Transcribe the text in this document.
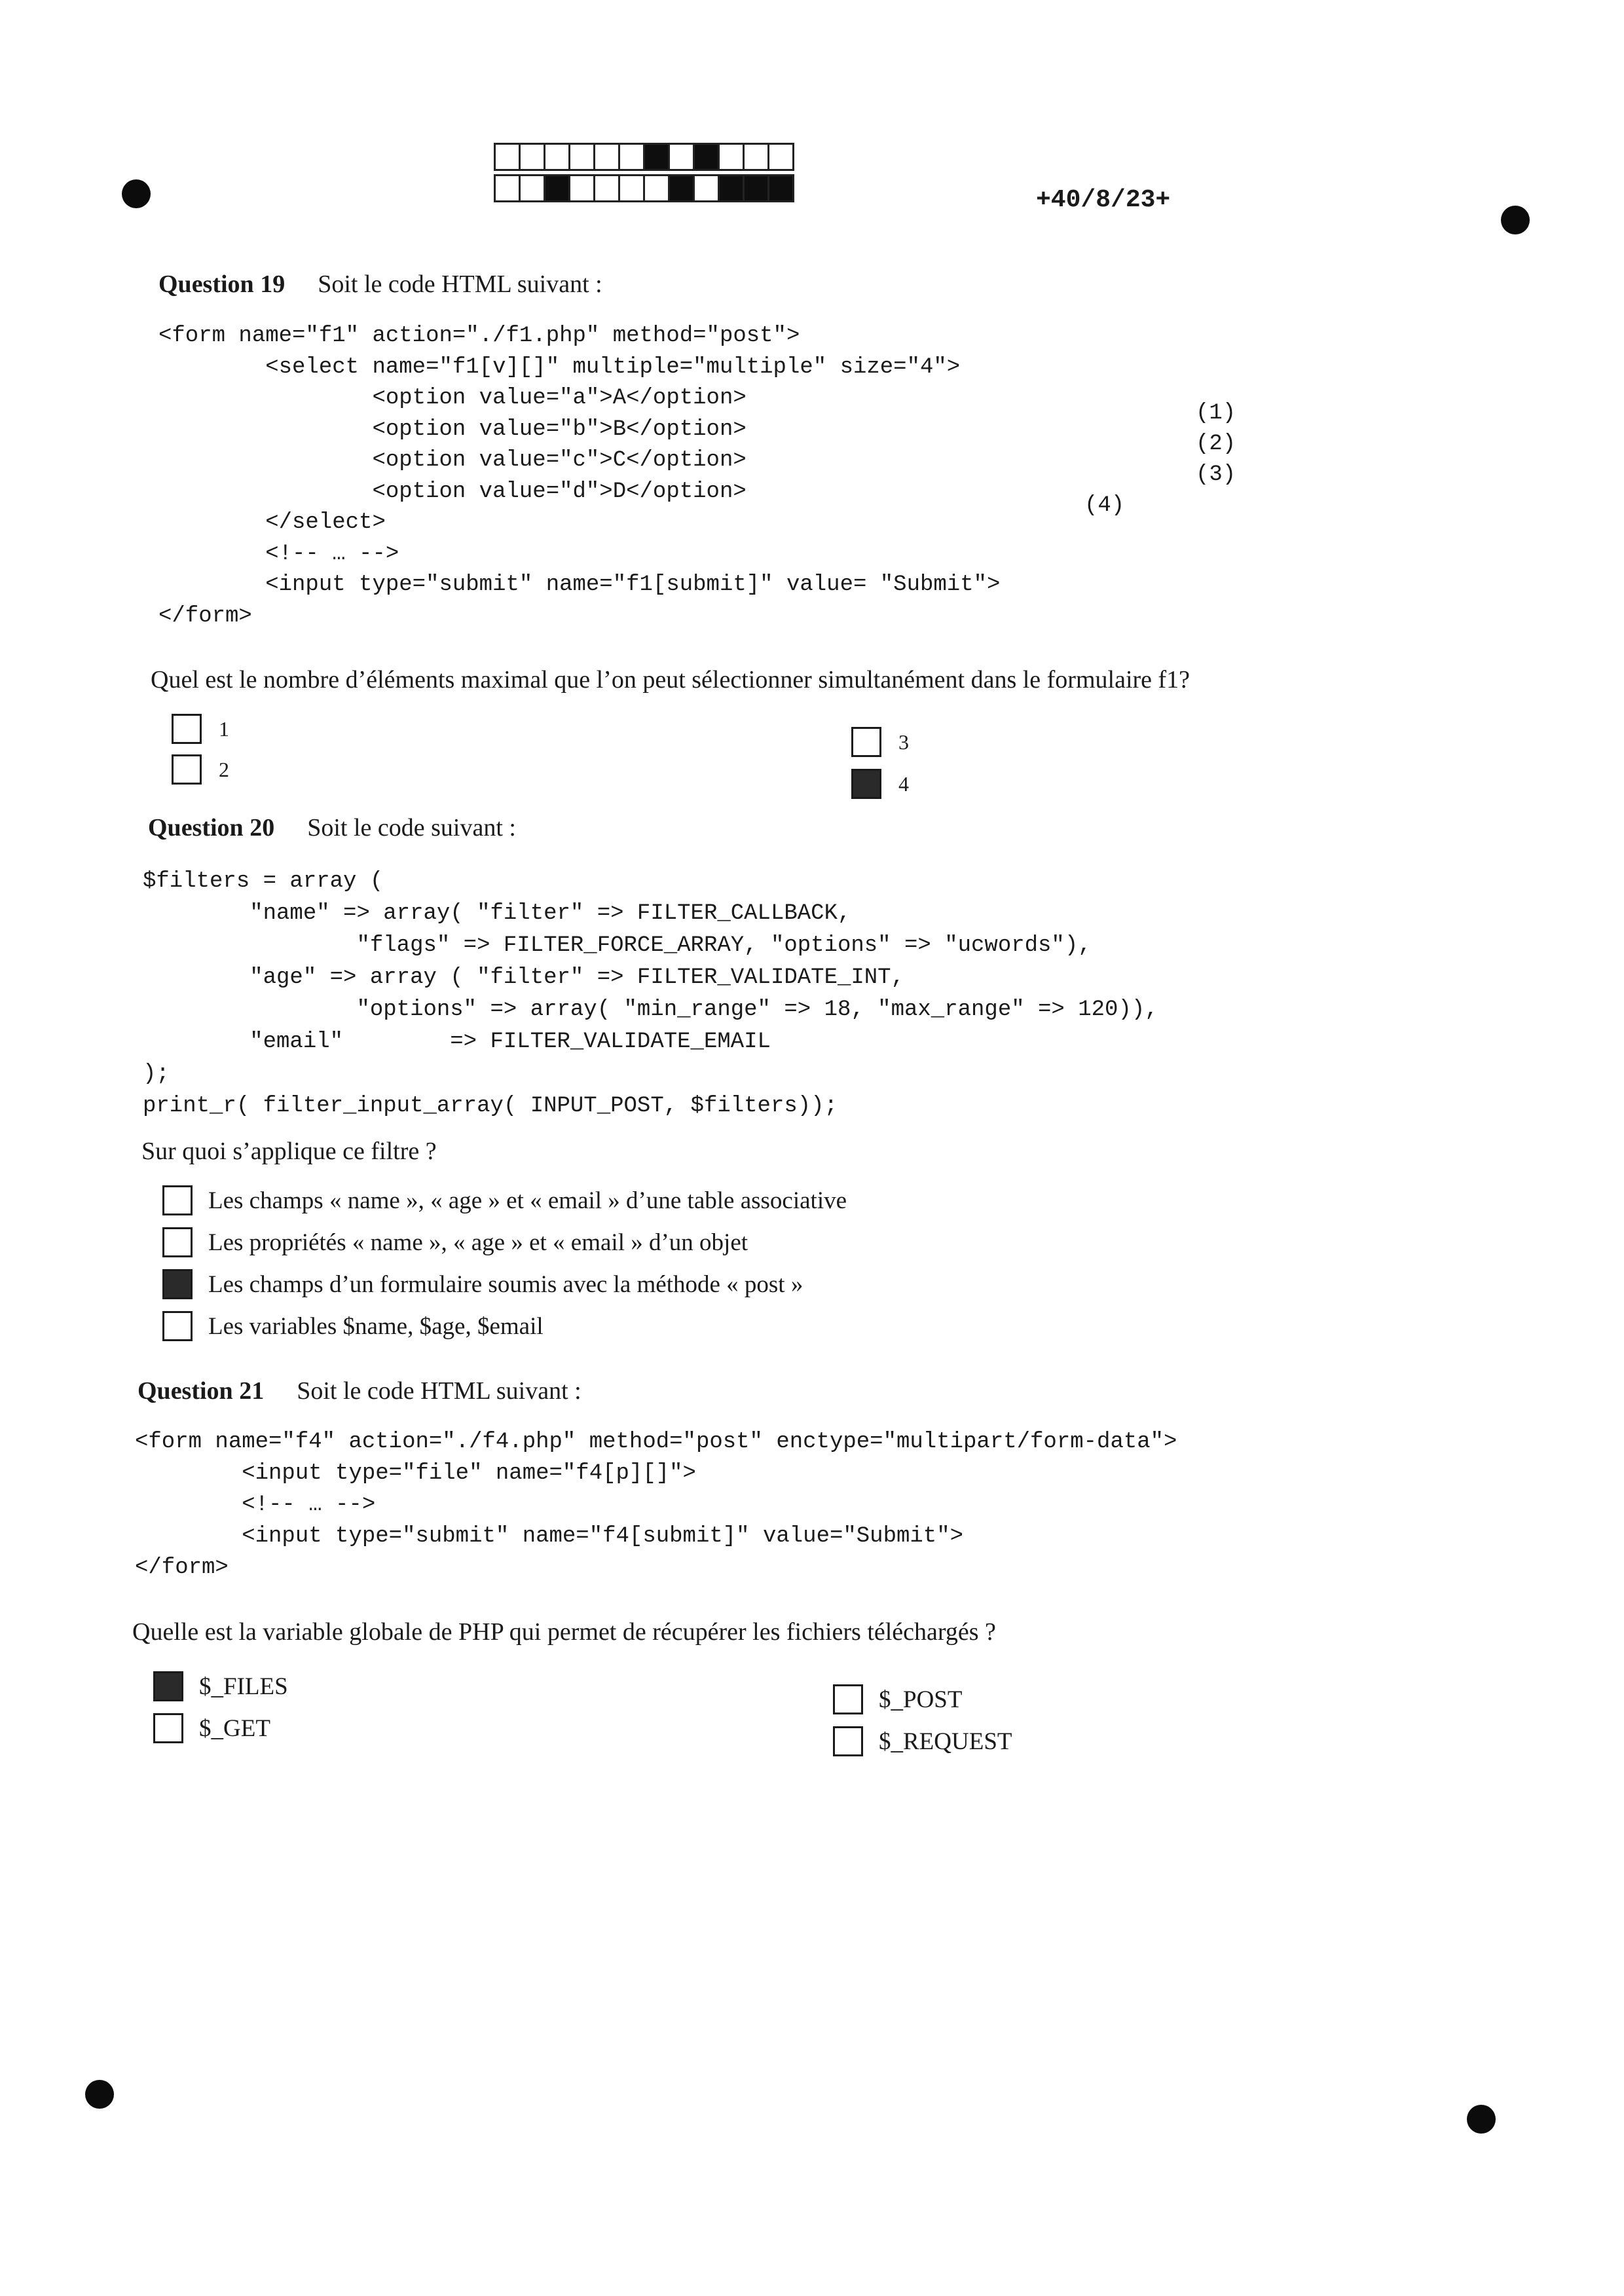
+40/8/23+
Question 19 Soit le code HTML suivant :
<form name="f1" action="./f1.php" method="post">
<select name="f1[v][]" multiple="multiple" size="4">
<option value="a">A</option>
<option value="b">B</option>
<option value="c">C</option>
<option value="d">D</option>
</select>
<!-- … -->
<input type="submit" name="f1[submit]" value= "Submit">
</form>
(1)
(2)
(3)
(4)
Quel est le nombre d’éléments maximal que l’on peut sélectionner simultanément dans le formulaire f1?
1
2
3
4
Question 20 Soit le code suivant :
$filters = array (
"name" => array( "filter" => FILTER_CALLBACK,
"flags" => FILTER_FORCE_ARRAY, "options" => "ucwords"),
"age" => array ( "filter" => FILTER_VALIDATE_INT,
"options" => array( "min_range" => 18, "max_range" => 120)),
"email"        => FILTER_VALIDATE_EMAIL
);
print_r( filter_input_array( INPUT_POST, $filters));
Sur quoi s’applique ce filtre ?
Les champs « name », « age » et « email » d’une table associative
Les propriétés « name », « age » et « email » d’un objet
Les champs d’un formulaire soumis avec la méthode « post »
Les variables $name, $age, $email
Question 21 Soit le code HTML suivant :
<form name="f4" action="./f4.php" method="post" enctype="multipart/form-data">
<input type="file" name="f4[p][]">
<!-- … -->
<input type="submit" name="f4[submit]" value="Submit">
</form>
Quelle est la variable globale de PHP qui permet de récupérer les fichiers téléchargés ?
$_FILES
$_GET
$_POST
$_REQUEST
